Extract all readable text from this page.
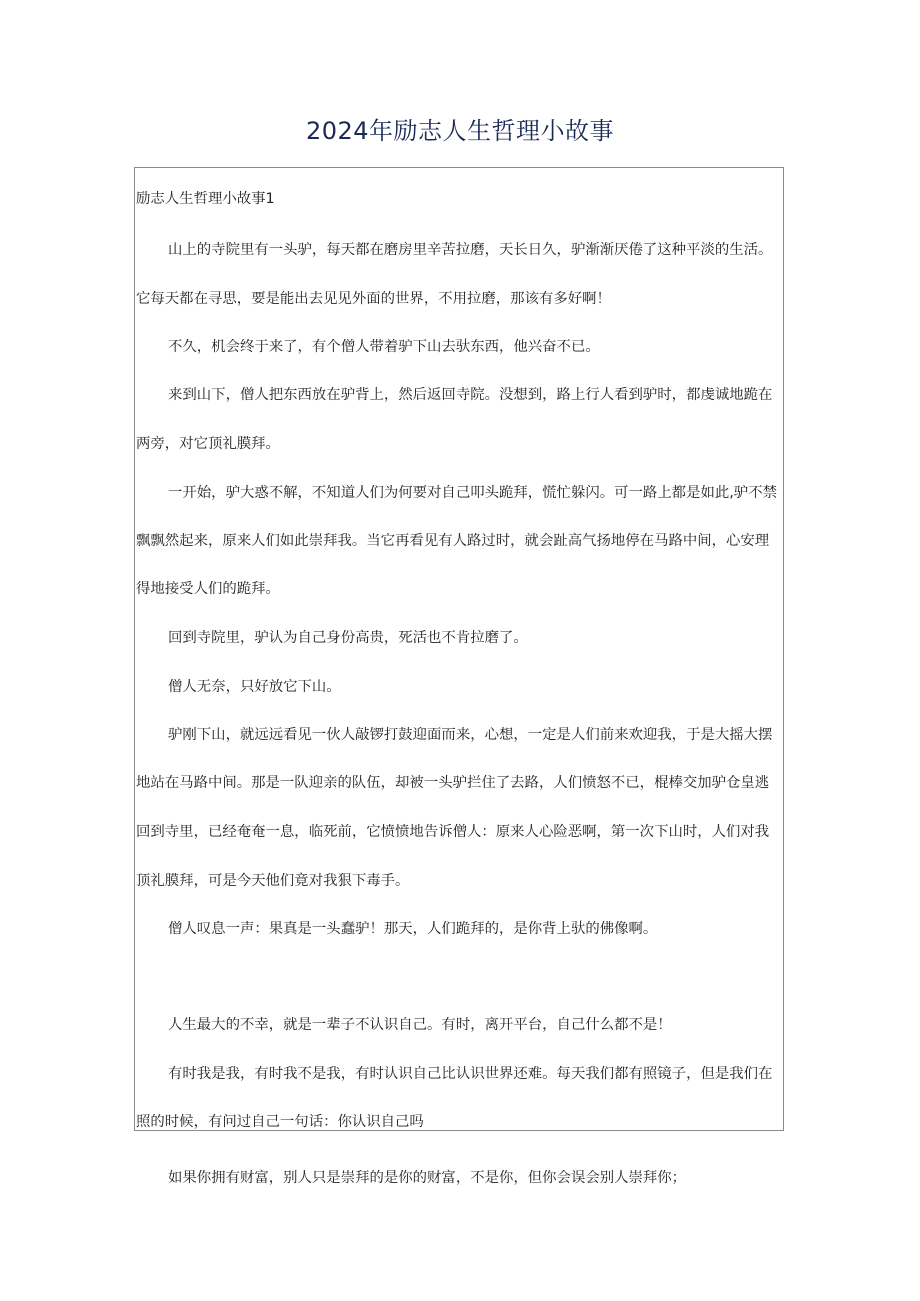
2024年励志人生哲理小故事

励志人生哲理小故事1

山上的寺院里有一头驴，每天都在磨房里辛苦拉磨，天长日久，驴渐渐厌倦了这种平淡的生活。

它每天都在寻思，要是能出去见见外面的世界，不用拉磨，那该有多好啊！

不久，机会终于来了，有个僧人带着驴下山去驮东西，他兴奋不已。

来到山下，僧人把东西放在驴背上，然后返回寺院。没想到，路上行人看到驴时，都虔诚地跪在

两旁，对它顶礼膜拜。

一开始，驴大惑不解，不知道人们为何要对自己叩头跪拜，慌忙躲闪。可一路上都是如此,驴不禁

飘飘然起来，原来人们如此崇拜我。当它再看见有人路过时，就会趾高气扬地停在马路中间，心安理

得地接受人们的跪拜。

回到寺院里，驴认为自己身份高贵，死活也不肯拉磨了。

僧人无奈，只好放它下山。

驴刚下山，就远远看见一伙人敲锣打鼓迎面而来，心想，一定是人们前来欢迎我，于是大摇大摆

地站在马路中间。那是一队迎亲的队伍，却被一头驴拦住了去路，人们愤怒不已，棍棒交加驴仓皇逃

回到寺里，已经奄奄一息，临死前，它愤愤地告诉僧人：原来人心险恶啊，第一次下山时，人们对我

顶礼膜拜，可是今天他们竟对我狠下毒手。

僧人叹息一声：果真是一头蠢驴！那天，人们跪拜的，是你背上驮的佛像啊。

人生最大的不幸，就是一辈子不认识自己。有时，离开平台，自己什么都不是！

有时我是我，有时我不是我，有时认识自己比认识世界还难。每天我们都有照镜子，但是我们在

照的时候，有问过自己一句话：你认识自己吗

如果你拥有财富，别人只是崇拜的是你的财富，不是你，但你会误会别人崇拜你；
